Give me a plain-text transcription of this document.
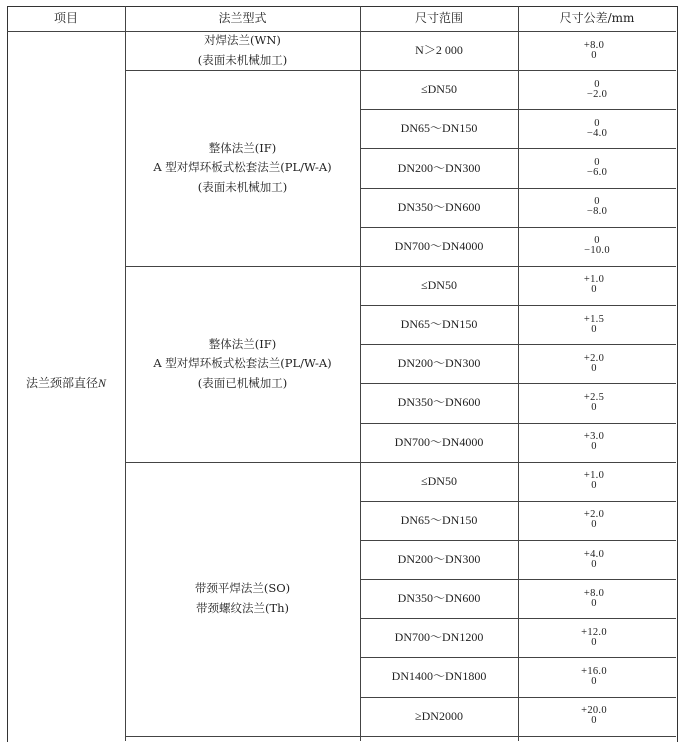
项目	法兰型式	尺寸范围	尺寸公差/mm
法兰颈部直径 N
对焊法兰(WN)
(表面未机械加工)
N＞2 000	+8.0
0
整体法兰(IF)
A 型对焊环板式松套法兰(PL/W-A)
(表面未机械加工)
≤DN50	0
−2.0
DN65～DN150	0
−4.0
DN200～DN300	0
−6.0
DN350～DN600	0
−8.0
DN700～DN4000	0
−10.0
整体法兰(IF)
A 型对焊环板式松套法兰(PL/W-A)
(表面已机械加工)
≤DN50	+1.0
0
DN65～DN150	+1.5
0
DN200～DN300	+2.0
0
DN350～DN600	+2.5
0
DN700～DN4000	+3.0
0
带颈平焊法兰(SO)
带颈螺纹法兰(Th)
≤DN50	+1.0
0
DN65～DN150	+2.0
0
DN200～DN300	+4.0
0
DN350～DN600	+8.0
0
DN700～DN1200	+12.0
0
DN1400～DN1800	+16.0
0
≥DN2000	+20.0
0
